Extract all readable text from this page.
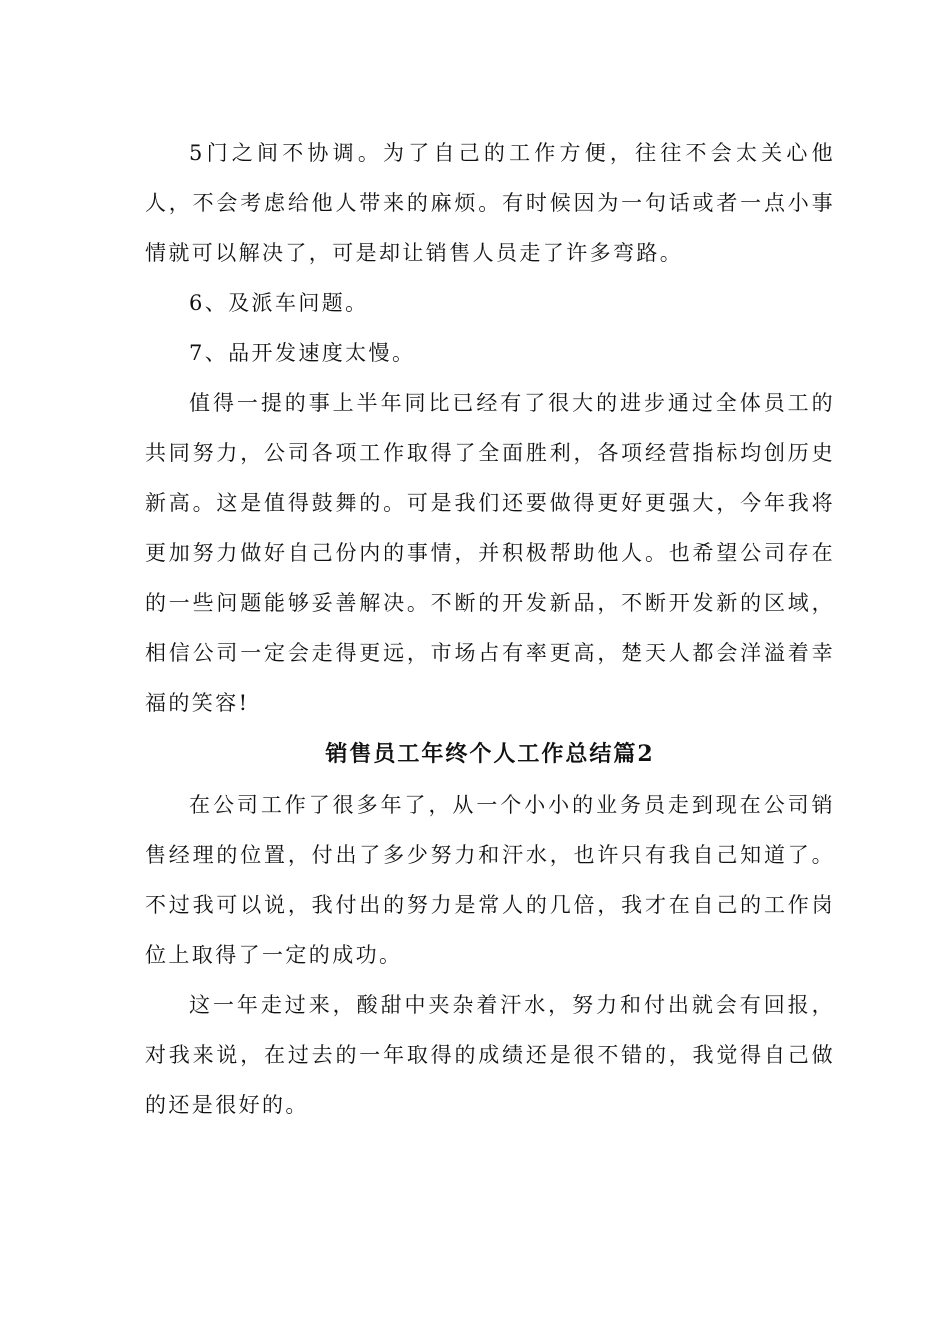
5门之间不协调。为了自己的工作方便，往往不会太关心他人，不会考虑给他人带来的麻烦。有时候因为一句话或者一点小事情就可以解决了，可是却让销售人员走了许多弯路。

6、及派车问题。

7、品开发速度太慢。

值得一提的事上半年同比已经有了很大的进步通过全体员工的共同努力，公司各项工作取得了全面胜利，各项经营指标均创历史新高。这是值得鼓舞的。可是我们还要做得更好更强大，今年我将更加努力做好自己份内的事情，并积极帮助他人。也希望公司存在的一些问题能够妥善解决。不断的开发新品，不断开发新的区域，相信公司一定会走得更远，市场占有率更高，楚天人都会洋溢着幸福的笑容!

销售员工年终个人工作总结篇2

在公司工作了很多年了，从一个小小的业务员走到现在公司销售经理的位置，付出了多少努力和汗水，也许只有我自己知道了。不过我可以说，我付出的努力是常人的几倍，我才在自己的工作岗位上取得了一定的成功。

这一年走过来，酸甜中夹杂着汗水，努力和付出就会有回报，对我来说，在过去的一年取得的成绩还是很不错的，我觉得自己做的还是很好的。
